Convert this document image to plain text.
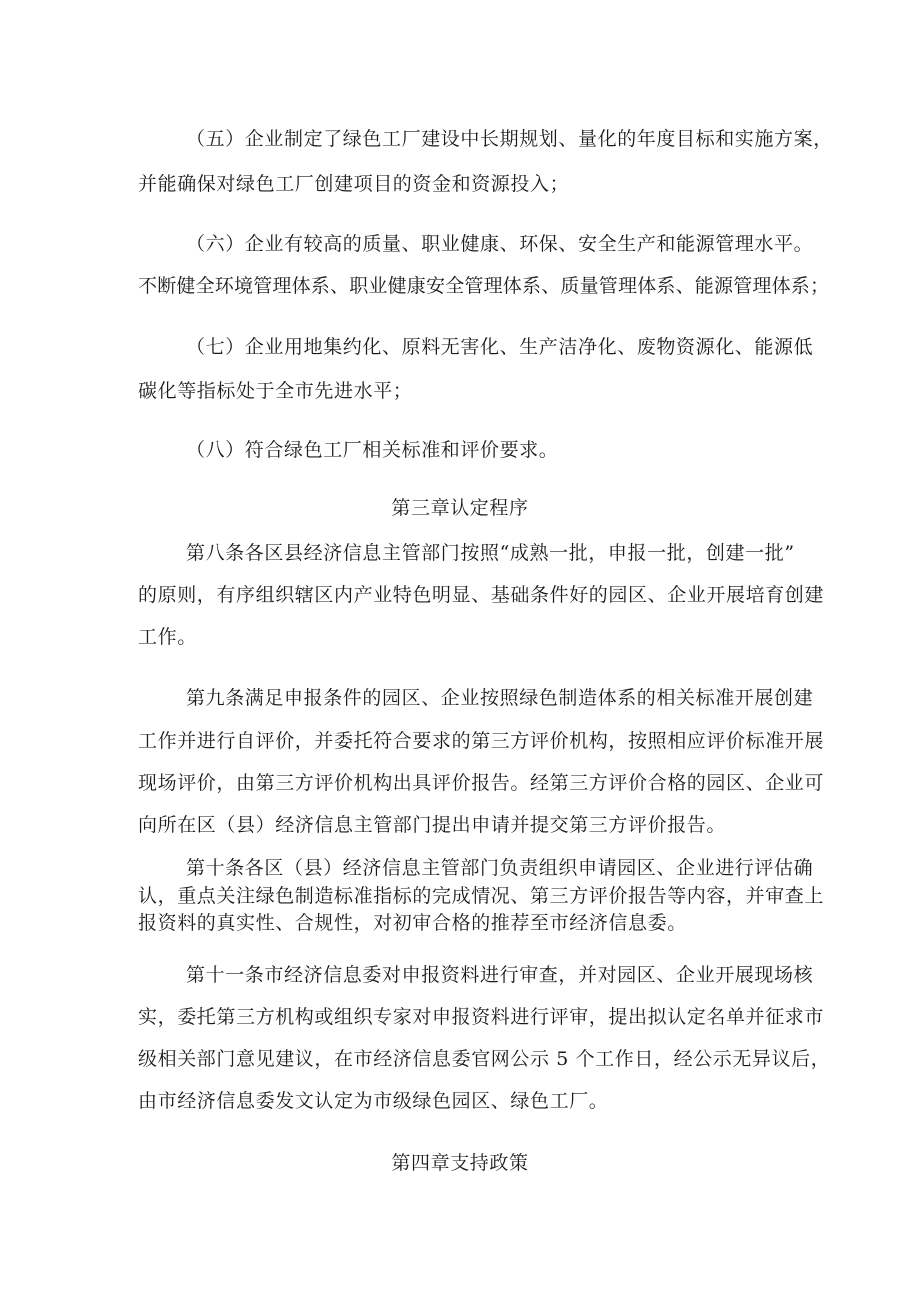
（五）企业制定了绿色工厂建设中长期规划、量化的年度目标和实施方案，
并能确保对绿色工厂创建项目的资金和资源投入；
（六）企业有较高的质量、职业健康、环保、安全生产和能源管理水平。
不断健全环境管理体系、职业健康安全管理体系、质量管理体系、能源管理体系；
（七）企业用地集约化、原料无害化、生产洁净化、废物资源化、能源低
碳化等指标处于全市先进水平；
（八）符合绿色工厂相关标准和评价要求。
第三章认定程序
第八条各区县经济信息主管部门按照“成熟一批，申报一批，创建一批”
的原则，有序组织辖区内产业特色明显、基础条件好的园区、企业开展培育创建
工作。
第九条满足申报条件的园区、企业按照绿色制造体系的相关标准开展创建
工作并进行自评价，并委托符合要求的第三方评价机构，按照相应评价标准开展
现场评价，由第三方评价机构出具评价报告。经第三方评价合格的园区、企业可
向所在区（县）经济信息主管部门提出申请并提交第三方评价报告。
第十条各区（县）经济信息主管部门负责组织申请园区、企业进行评估确
认，重点关注绿色制造标准指标的完成情况、第三方评价报告等内容，并审查上
报资料的真实性、合规性，对初审合格的推荐至市经济信息委。
第十一条市经济信息委对申报资料进行审查，并对园区、企业开展现场核
实，委托第三方机构或组织专家对申报资料进行评审，提出拟认定名单并征求市
级相关部门意见建议，在市经济信息委官网公示 5 个工作日，经公示无异议后，
由市经济信息委发文认定为市级绿色园区、绿色工厂。
第四章支持政策
